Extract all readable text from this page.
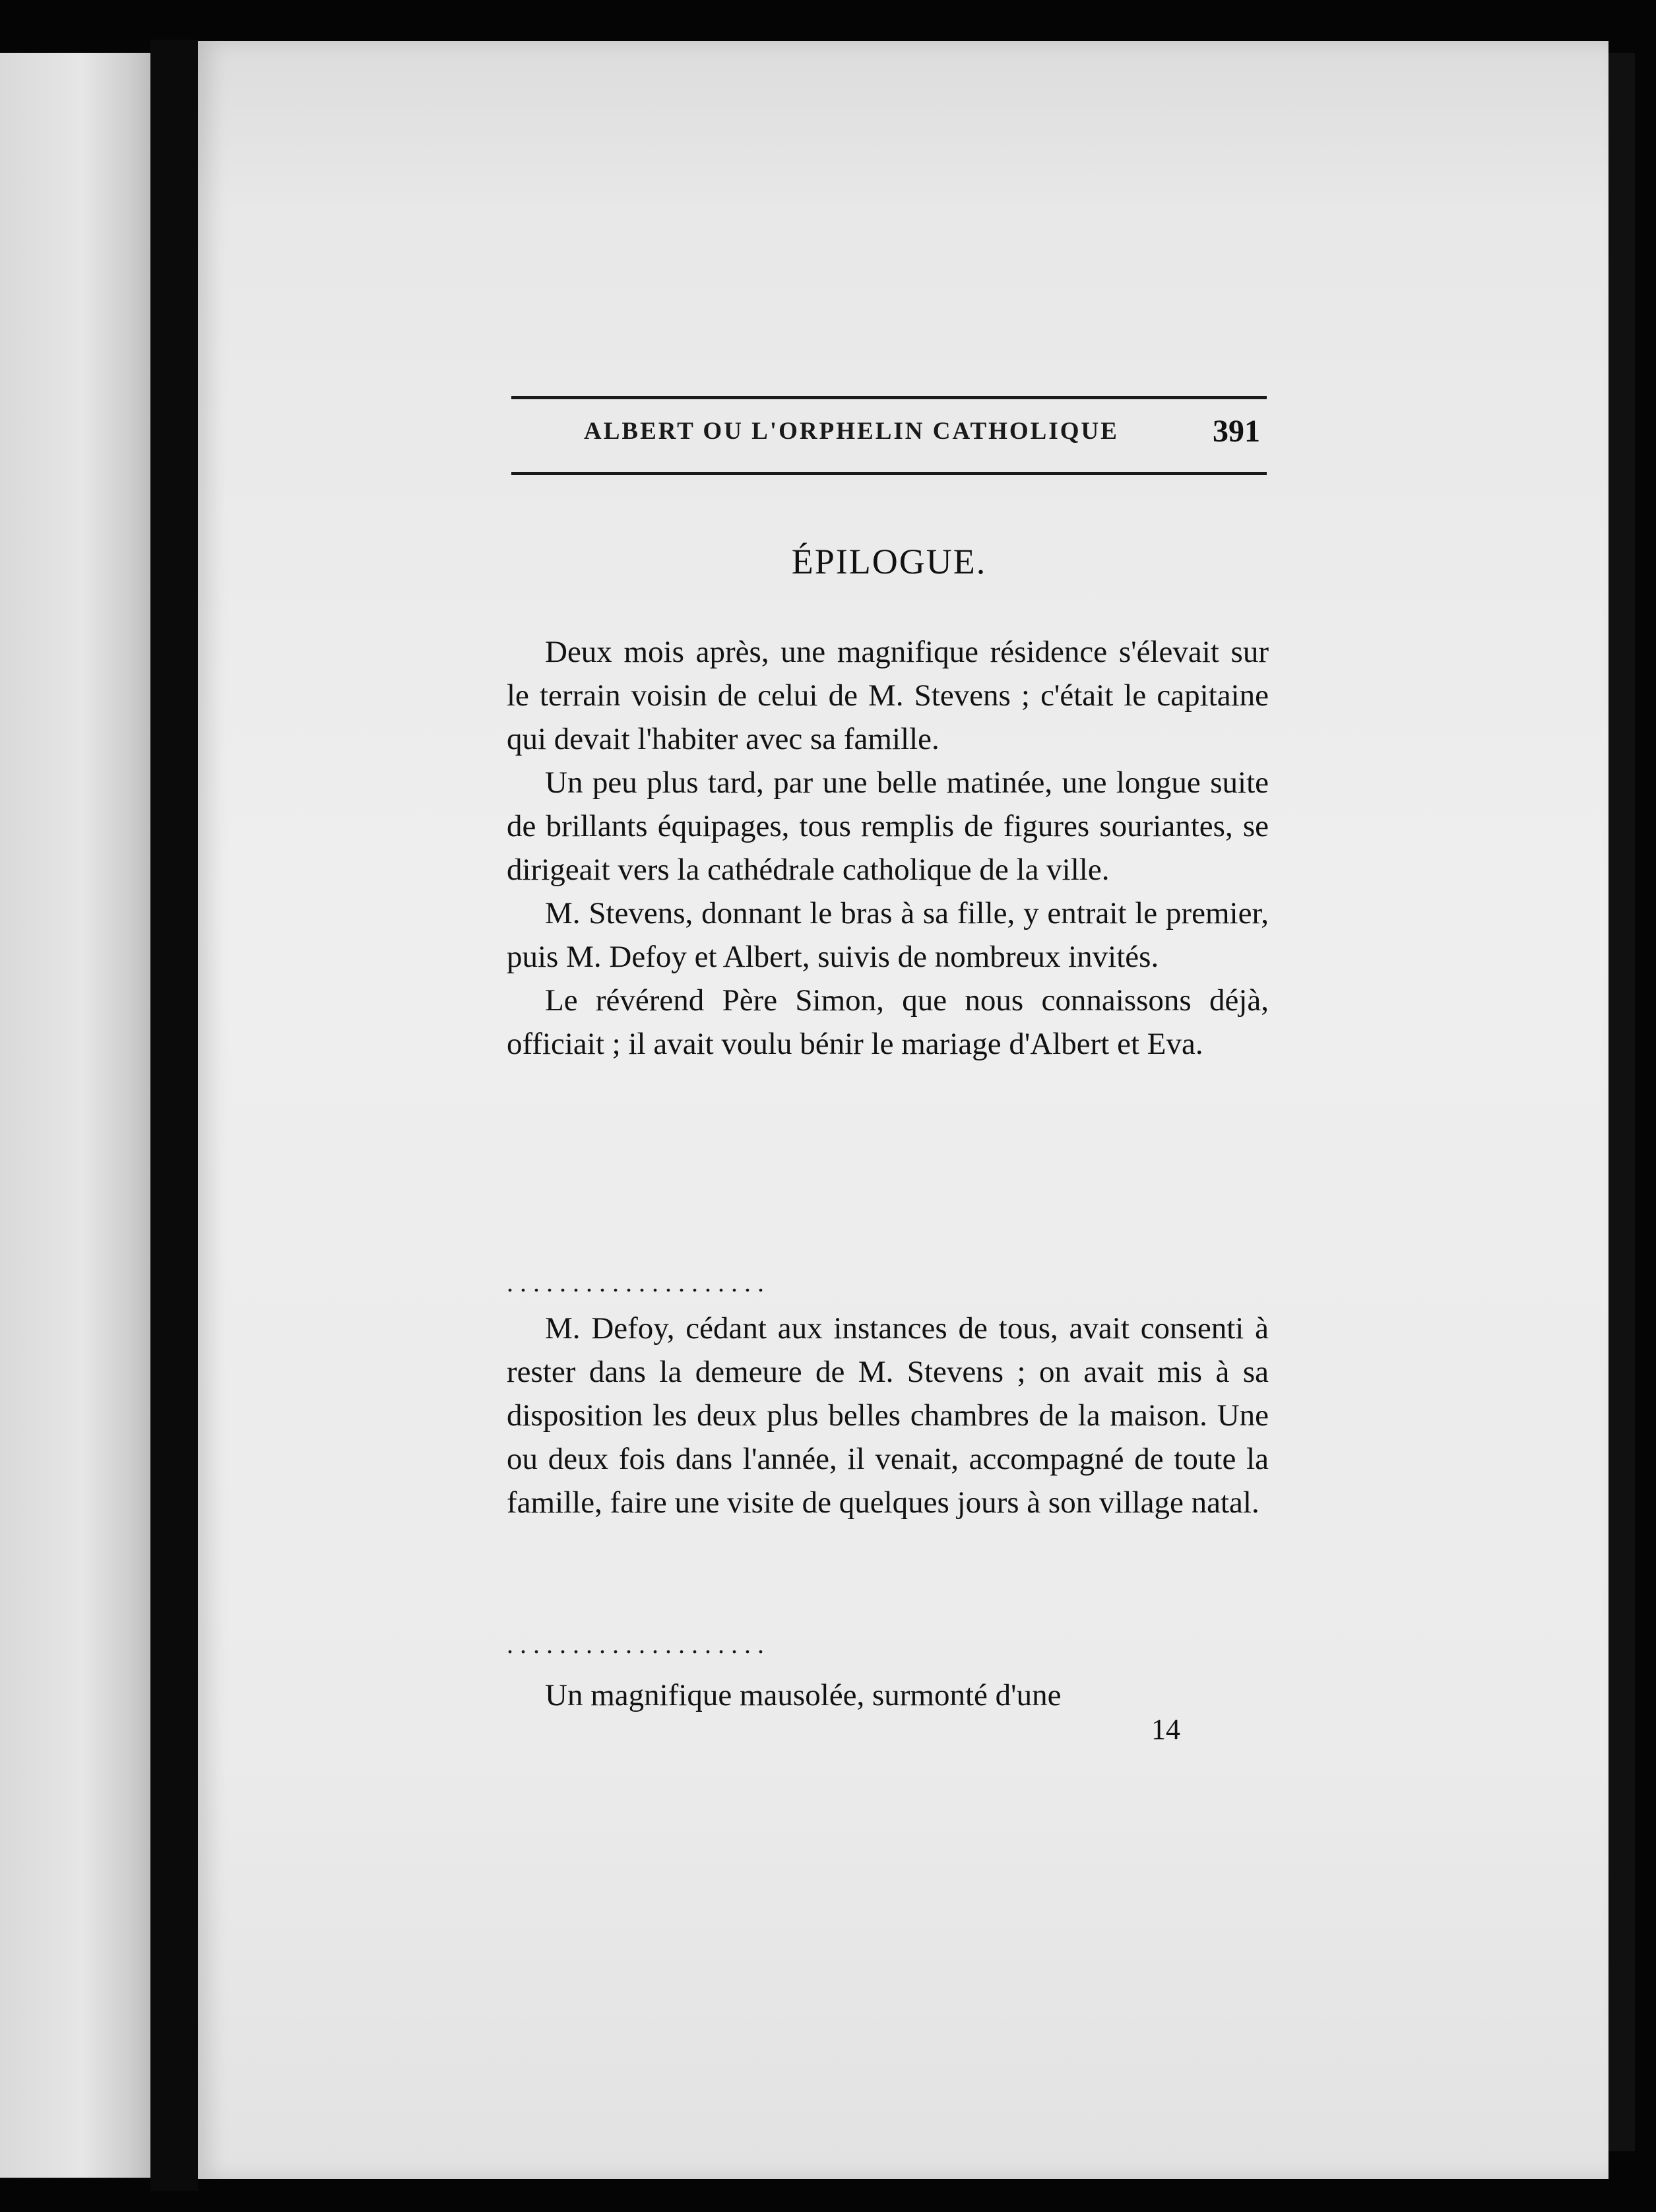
ALBERT OU L'ORPHELIN CATHOLIQUE	391
ÉPILOGUE.

Deux mois après, une magnifique résidence s'élevait sur le terrain voisin de celui de M. Stevens ; c'était le capitaine qui devait l'habiter avec sa famille.

Un peu plus tard, par une belle matinée, une longue suite de brillants équipages, tous remplis de figures souriantes, se dirigeait vers la cathédrale catholique de la ville.

M. Stevens, donnant le bras à sa fille, y entrait le premier, puis M. Defoy et Albert, suivis de nombreux invités.

Le révérend Père Simon, que nous connaissons déjà, officiait ; il avait voulu bénir le mariage d'Albert et Eva.

. . . . . . . . . . . . . . . . . . . .

M. Defoy, cédant aux instances de tous, avait consenti à rester dans la demeure de M. Stevens ; on avait mis à sa disposition les deux plus belles chambres de la maison. Une ou deux fois dans l'année, il venait, accompagné de toute la famille, faire une visite de quelques jours à son village natal.

. . . . . . . . . . . . . . . . . . . .

Un magnifique mausolée, surmonté d'une

14
